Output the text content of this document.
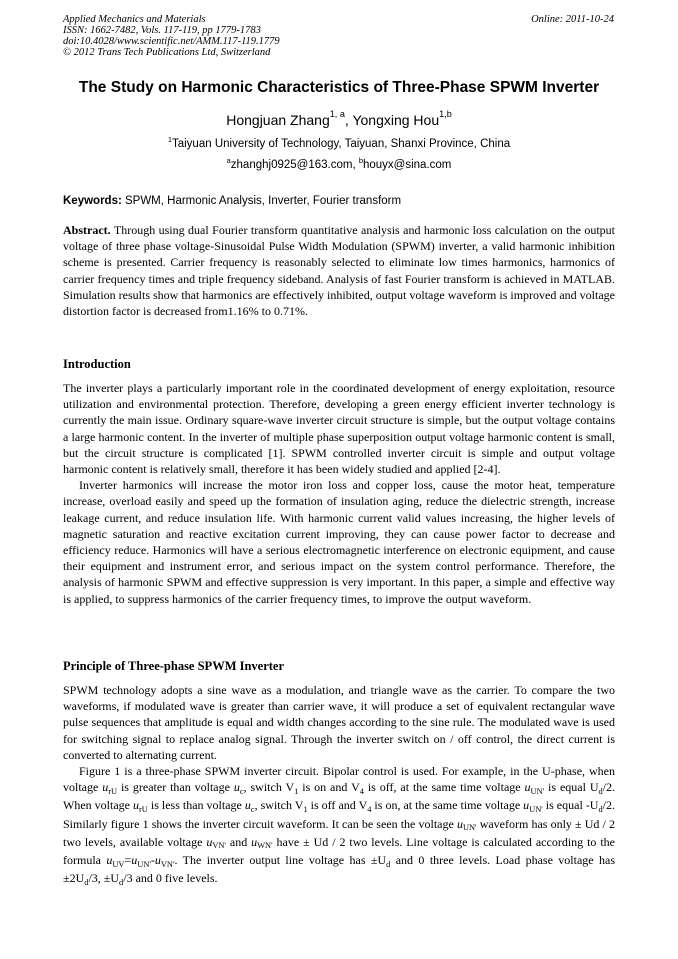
Applied Mechanics and Materials
ISSN: 1662-7482, Vols. 117-119, pp 1779-1783
doi:10.4028/www.scientific.net/AMM.117-119.1779
© 2012 Trans Tech Publications Ltd, Switzerland
Online: 2011-10-24
The Study on Harmonic Characteristics of Three-Phase SPWM Inverter
Hongjuan Zhang$^{1, a}$, Yongxing Hou$^{1,b}$
$^1$Taiyuan University of Technology, Taiyuan, Shanxi Province, China
$^a$zhanghj0925@163.com, $^b$houyx@sina.com
Keywords: SPWM, Harmonic Analysis, Inverter, Fourier transform

Abstract. Through using dual Fourier transform quantitative analysis and harmonic loss calculation on the output voltage of three phase voltage-Sinusoidal Pulse Width Modulation (SPWM) inverter, a valid harmonic inhibition scheme is presented. Carrier frequency is reasonably selected to eliminate low times harmonics, harmonics of carrier frequency times and triple frequency sideband. Analysis of fast Fourier transform is achieved in MATLAB. Simulation results show that harmonics are effectively inhibited, output voltage waveform is improved and voltage distortion factor is decreased from1.16% to 0.71%.

Introduction

The inverter plays a particularly important role in the coordinated development of energy exploitation, resource utilization and environmental protection. Therefore, developing a green energy efficient inverter technology is currently the main issue. Ordinary square-wave inverter circuit structure is simple, but the output voltage contains a large harmonic content. In the inverter of multiple phase superposition output voltage harmonic content is small, but the circuit structure is complicated [1]. SPWM controlled inverter circuit is simple and output voltage harmonic content is relatively small, therefore it has been widely studied and applied [2-4].

Inverter harmonics will increase the motor iron loss and copper loss, cause the motor heat, temperature increase, overload easily and speed up the formation of insulation aging, reduce the dielectric strength, increase leakage current, and reduce insulation life. With harmonic current valid values increasing, the higher levels of magnetic saturation and reactive excitation current improving, they can cause power factor to decrease and efficiency reduce. Harmonics will have a serious electromagnetic interference on electronic equipment, and cause their equipment and instrument error, and serious impact on the system control performance. Therefore, the analysis of harmonic SPWM and effective suppression is very important. In this paper, a simple and effective way is applied, to suppress harmonics of the carrier frequency times, to improve the output waveform.

Principle of Three-phase SPWM Inverter

SPWM technology adopts a sine wave as a modulation, and triangle wave as the carrier. To compare the two waveforms, if modulated wave is greater than carrier wave, it will produce a set of equivalent rectangular wave pulse sequences that amplitude is equal and width changes according to the sine rule. The modulated wave is used for switching signal to replace analog signal. Through the inverter switch on / off control, the direct current is converted to alternating current.

Figure 1 is a three-phase SPWM inverter circuit. Bipolar control is used. For example, in the U-phase, when voltage $u_{rU}$ is greater than voltage $u_c$, switch $V_1$ is on and $V_4$ is off, at the same time voltage $u_{UN'}$ is equal $U_d/2$. When voltage $u_{rU}$ is less than voltage $u_c$, switch $V_1$ is off and $V_4$ is on, at the same time voltage $u_{UN'}$ is equal $-U_d/2$. Similarly figure 1 shows the inverter circuit waveform. It can be seen the voltage $u_{UN'}$ waveform has only ± Ud / 2 two levels, available voltage $u_{VN'}$ and $u_{WN'}$ have ± Ud / 2 two levels. Line voltage is calculated according to the formula $u_{UV}=u_{UN'}-u_{VN'}$. The inverter output line voltage has $\pm U_d$ and 0 three levels. Load phase voltage has $\pm 2U_d/3$, $\pm U_d/3$ and 0 five levels.
